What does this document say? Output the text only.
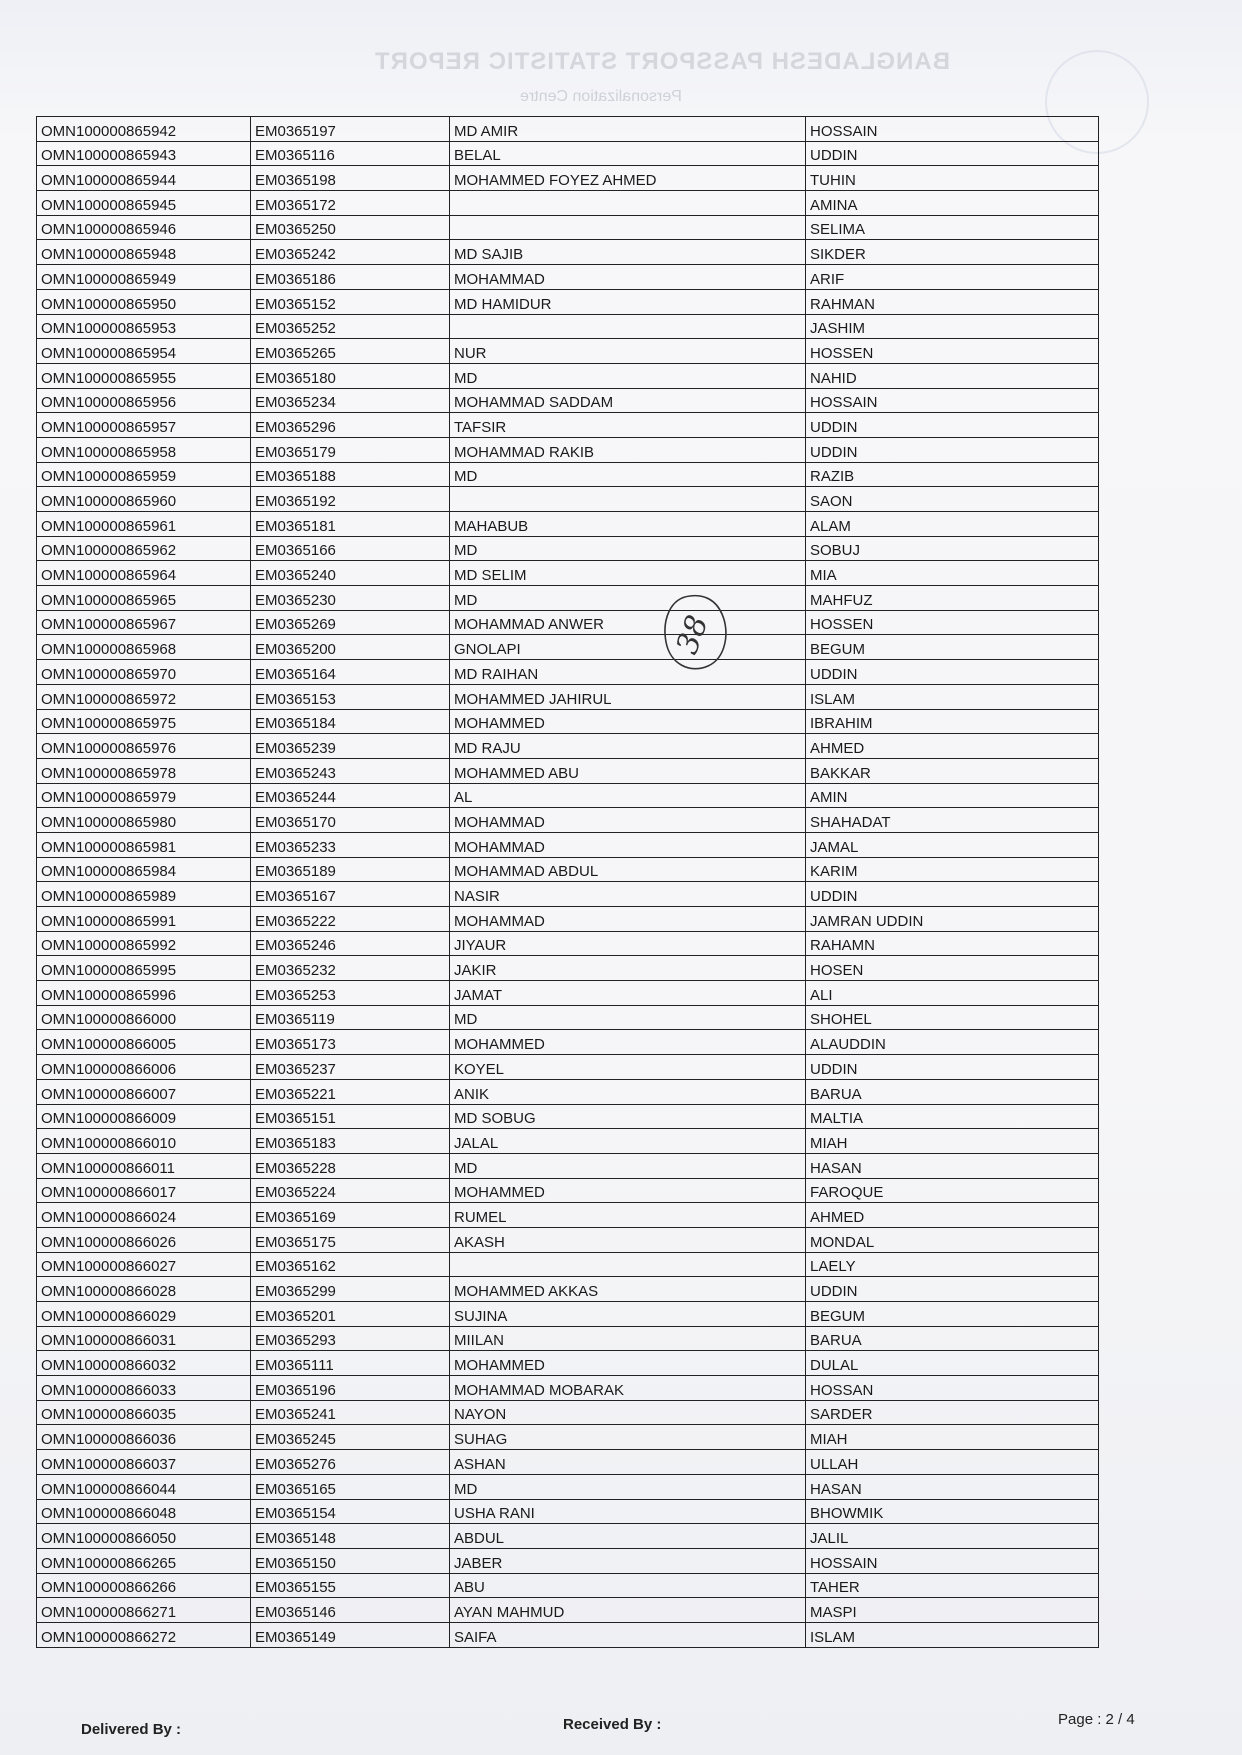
BANGLADESH PASSPORT STATISTIC REPORT
Personalization Centre
OMN100000865942	EM0365197	MD AMIR	HOSSAIN
OMN100000865943	EM0365116	BELAL	UDDIN
OMN100000865944	EM0365198	MOHAMMED FOYEZ AHMED	TUHIN
OMN100000865945	EM0365172		AMINA
OMN100000865946	EM0365250		SELIMA
OMN100000865948	EM0365242	MD SAJIB	SIKDER
OMN100000865949	EM0365186	MOHAMMAD	ARIF
OMN100000865950	EM0365152	MD HAMIDUR	RAHMAN
OMN100000865953	EM0365252		JASHIM
OMN100000865954	EM0365265	NUR	HOSSEN
OMN100000865955	EM0365180	MD	NAHID
OMN100000865956	EM0365234	MOHAMMAD SADDAM	HOSSAIN
OMN100000865957	EM0365296	TAFSIR	UDDIN
OMN100000865958	EM0365179	MOHAMMAD RAKIB	UDDIN
OMN100000865959	EM0365188	MD	RAZIB
OMN100000865960	EM0365192		SAON
OMN100000865961	EM0365181	MAHABUB	ALAM
OMN100000865962	EM0365166	MD	SOBUJ
OMN100000865964	EM0365240	MD SELIM	MIA
OMN100000865965	EM0365230	MD	MAHFUZ
OMN100000865967	EM0365269	MOHAMMAD ANWER	HOSSEN
OMN100000865968	EM0365200	GNOLAPI	BEGUM
OMN100000865970	EM0365164	MD RAIHAN	UDDIN
OMN100000865972	EM0365153	MOHAMMED JAHIRUL	ISLAM
OMN100000865975	EM0365184	MOHAMMED	IBRAHIM
OMN100000865976	EM0365239	MD RAJU	AHMED
OMN100000865978	EM0365243	MOHAMMED ABU	BAKKAR
OMN100000865979	EM0365244	AL	AMIN
OMN100000865980	EM0365170	MOHAMMAD	SHAHADAT
OMN100000865981	EM0365233	MOHAMMAD	JAMAL
OMN100000865984	EM0365189	MOHAMMAD ABDUL	KARIM
OMN100000865989	EM0365167	NASIR	UDDIN
OMN100000865991	EM0365222	MOHAMMAD	JAMRAN UDDIN
OMN100000865992	EM0365246	JIYAUR	RAHAMN
OMN100000865995	EM0365232	JAKIR	HOSEN
OMN100000865996	EM0365253	JAMAT	ALI
OMN100000866000	EM0365119	MD	SHOHEL
OMN100000866005	EM0365173	MOHAMMED	ALAUDDIN
OMN100000866006	EM0365237	KOYEL	UDDIN
OMN100000866007	EM0365221	ANIK	BARUA
OMN100000866009	EM0365151	MD SOBUG	MALTIA
OMN100000866010	EM0365183	JALAL	MIAH
OMN100000866011	EM0365228	MD	HASAN
OMN100000866017	EM0365224	MOHAMMED	FAROQUE
OMN100000866024	EM0365169	RUMEL	AHMED
OMN100000866026	EM0365175	AKASH	MONDAL
OMN100000866027	EM0365162		LAELY
OMN100000866028	EM0365299	MOHAMMED AKKAS	UDDIN
OMN100000866029	EM0365201	SUJINA	BEGUM
OMN100000866031	EM0365293	MIILAN	BARUA
OMN100000866032	EM0365111	MOHAMMED	DULAL
OMN100000866033	EM0365196	MOHAMMAD MOBARAK	HOSSAN
OMN100000866035	EM0365241	NAYON	SARDER
OMN100000866036	EM0365245	SUHAG	MIAH
OMN100000866037	EM0365276	ASHAN	ULLAH
OMN100000866044	EM0365165	MD	HASAN
OMN100000866048	EM0365154	USHA RANI	BHOWMIK
OMN100000866050	EM0365148	ABDUL	JALIL
OMN100000866265	EM0365150	JABER	HOSSAIN
OMN100000866266	EM0365155	ABU	TAHER
OMN100000866271	EM0365146	AYAN MAHMUD	MASPI
OMN100000866272	EM0365149	SAIFA	ISLAM
38
Delivered By :	Received By :	Page : 2 / 4
